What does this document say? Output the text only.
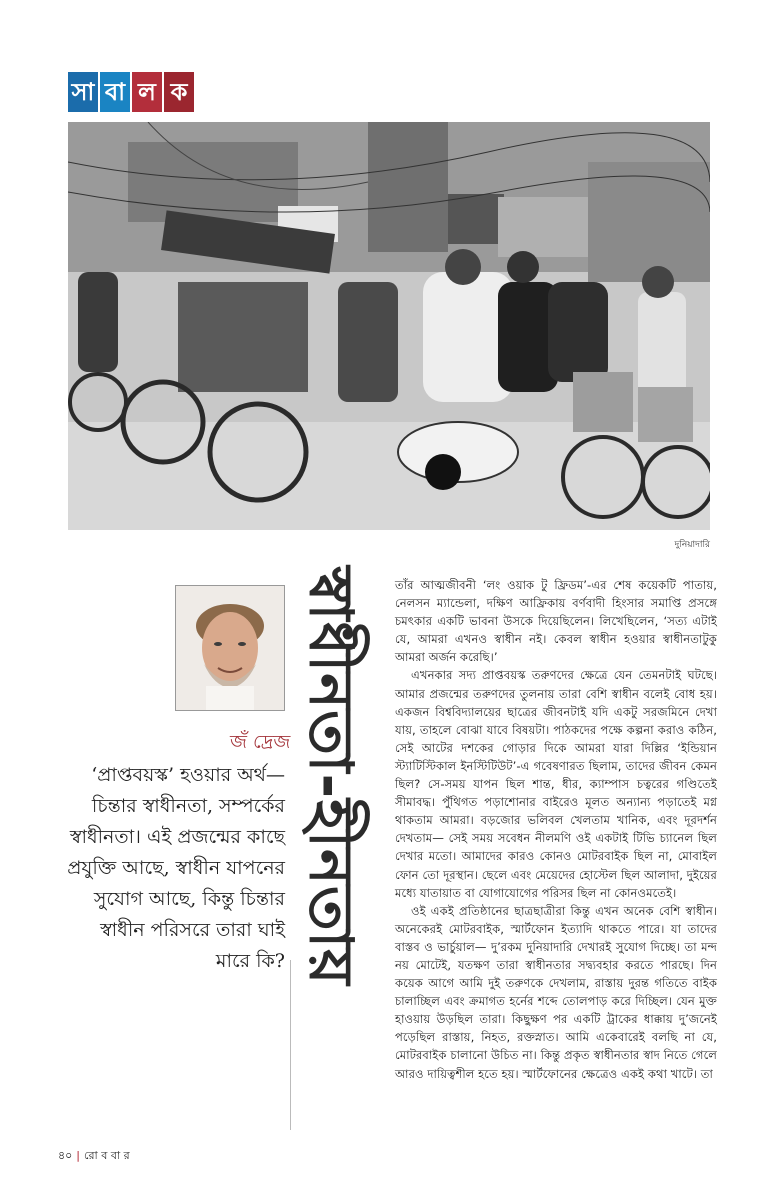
সা বা ল ক
দুনিয়াদারি
জঁ দ্রেজ স্বাধীনতা-হীনতায়
‘প্রাপ্তবয়স্ক’ হওয়ার অর্থ— চিন্তার স্বাধীনতা, সম্পর্কের স্বাধীনতা। এই প্রজন্মের কাছে প্রযুক্তি আছে, স্বাধীন যাপনের সুযোগ আছে, কিন্তু চিন্তার স্বাধীন পরিসরে তারা ঘাই মারে কি?

তাঁর আত্মজীবনী ‘লং ওয়াক টু ফ্রিডম’-এর শেষ কয়েকটি পাতায়, নেলসন ম্যান্ডেলা, দক্ষিণ আফ্রিকায় বর্ণবাদী হিংসার সমাপ্তি প্রসঙ্গে চমৎকার একটি ভাবনা উসকে দিয়েছিলেন। লিখেছিলেন, ‘সত্য এটাই যে, আমরা এখনও স্বাধীন নই। কেবল স্বাধীন হওয়ার স্বাধীনতাটুকু আমরা অর্জন করেছি।’

এখনকার সদ্য প্রাপ্তবয়স্ক তরুণদের ক্ষেত্রে যেন তেমনটাই ঘটছে। আমার প্রজন্মের তরুণদের তুলনায় তারা বেশি স্বাধীন বলেই বোধ হয়। একজন বিশ্ববিদ্যালয়ের ছাত্রের জীবনটাই যদি একটু সরজমিনে দেখা যায়, তাহলে বোঝা যাবে বিষয়টা। পাঠকদের পক্ষে কল্পনা করাও কঠিন, সেই আটের দশকের গোড়ার দিকে আমরা যারা দিল্লির ‘ইন্ডিয়ান স্ট্যাটিস্টিকাল ইনস্টিটিউট’-এ গবেষণারত ছিলাম, তাদের জীবন কেমন ছিল? সে-সময় যাপন ছিল শান্ত, ধীর, ক্যাম্পাস চত্বরের গণ্ডিতেই সীমাবদ্ধ। পুঁথিগত পড়াশোনার বাইরেও মূলত অন্যান্য পড়াতেই মগ্ন থাকতাম আমরা। বড়জোর ভলিবল খেলতাম খানিক, এবং দূরদর্শন দেখতাম— সেই সময় সবেধন নীলমণি ওই একটাই টিভি চ্যানেল ছিল দেখার মতো। আমাদের কারও কোনও মোটরবাইক ছিল না, মোবাইল ফোন তো দূরস্থান। ছেলে এবং মেয়েদের হোস্টেল ছিল আলাদা, দুইয়ের মধ্যে যাতায়াত বা যোগাযোগের পরিসর ছিল না কোনওমতেই।

ওই একই প্রতিষ্ঠানের ছাত্রছাত্রীরা কিন্তু এখন অনেক বেশি স্বাধীন। অনেকেরই মোটরবাইক, স্মার্টফোন ইত্যাদি থাকতে পারে। যা তাদের বাস্তব ও ভার্চুয়াল— দু’রকম দুনিয়াদারি দেখারই সুযোগ দিচ্ছে। তা মন্দ নয় মোটেই, যতক্ষণ তারা স্বাধীনতার সদ্ব্যবহার করতে পারছে। দিন কয়েক আগে আমি দুই তরুণকে দেখলাম, রাস্তায় দুরন্ত গতিতে বাইক চালাচ্ছিল এবং ক্রমাগত হর্নের শব্দে তোলপাড় করে দিচ্ছিল। যেন মুক্ত হাওয়ায় উড়ছিল তারা। কিছুক্ষণ পর একটি ট্রাকের ধাক্কায় দু’জনেই পড়েছিল রাস্তায়, নিহত, রক্তস্নাত। আমি একেবারেই বলছি না যে, মোটরবাইক চালানো উচিত না। কিন্তু প্রকৃত স্বাধীনতার স্বাদ নিতে গেলে আরও দায়িত্বশীল হতে হয়। স্মার্টফোনের ক্ষেত্রেও একই কথা খাটে। তা

৪০ | রো ব বা র
